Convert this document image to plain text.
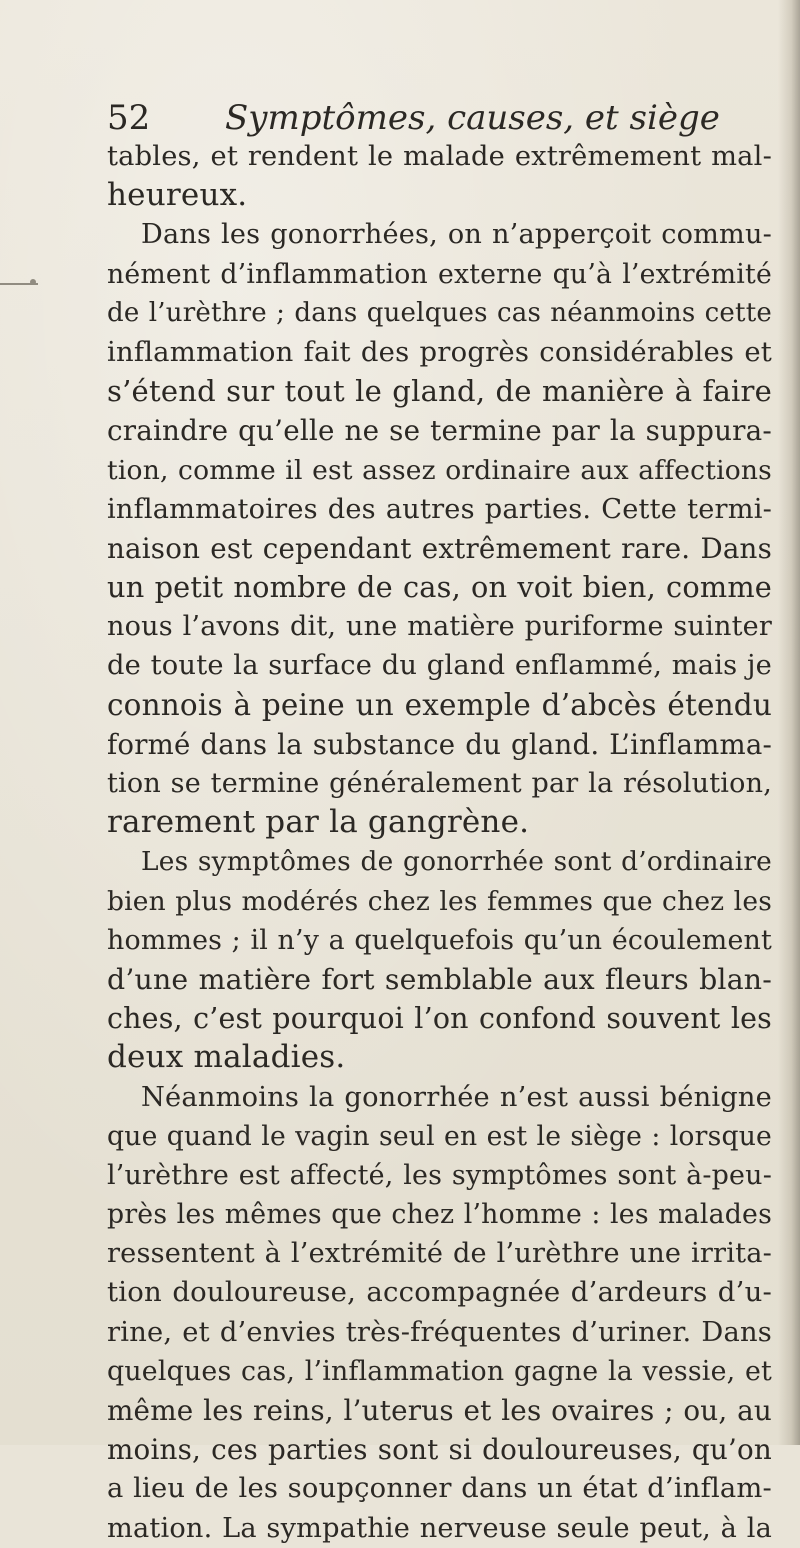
52 Symptômes, causes, et siège
tables, et rendent le malade extrêmement mal-
heureux.
Dans les gonorrhées, on n’apperçoit commu-
nément d’inflammation externe qu’à l’extrémité
de l’urèthre ; dans quelques cas néanmoins cette
inflammation fait des progrès considérables et
s’étend sur tout le gland, de manière à faire
craindre qu’elle ne se termine par la suppura-
tion, comme il est assez ordinaire aux affections
inflammatoires des autres parties. Cette termi-
naison est cependant extrêmement rare. Dans
un petit nombre de cas, on voit bien, comme
nous l’avons dit, une matière puriforme suinter
de toute la surface du gland enflammé, mais je
connois à peine un exemple d’abcès étendu
formé dans la substance du gland. L’inflamma-
tion se termine généralement par la résolution,
rarement par la gangrène.
Les symptômes de gonorrhée sont d’ordinaire
bien plus modérés chez les femmes que chez les
hommes ; il n’y a quelquefois qu’un écoulement
d’une matière fort semblable aux fleurs blan-
ches, c’est pourquoi l’on confond souvent les
deux maladies.
Néanmoins la gonorrhée n’est aussi bénigne
que quand le vagin seul en est le siège : lorsque
l’urèthre est affecté, les symptômes sont à-peu-
près les mêmes que chez l’homme : les malades
ressentent à l’extrémité de l’urèthre une irrita-
tion douloureuse, accompagnée d’ardeurs d’u-
rine, et d’envies très-fréquentes d’uriner. Dans
quelques cas, l’inflammation gagne la vessie, et
même les reins, l’uterus et les ovaires ; ou, au
moins, ces parties sont si douloureuses, qu’on
a lieu de les soupçonner dans un état d’inflam-
mation. La sympathie nerveuse seule peut, à la
